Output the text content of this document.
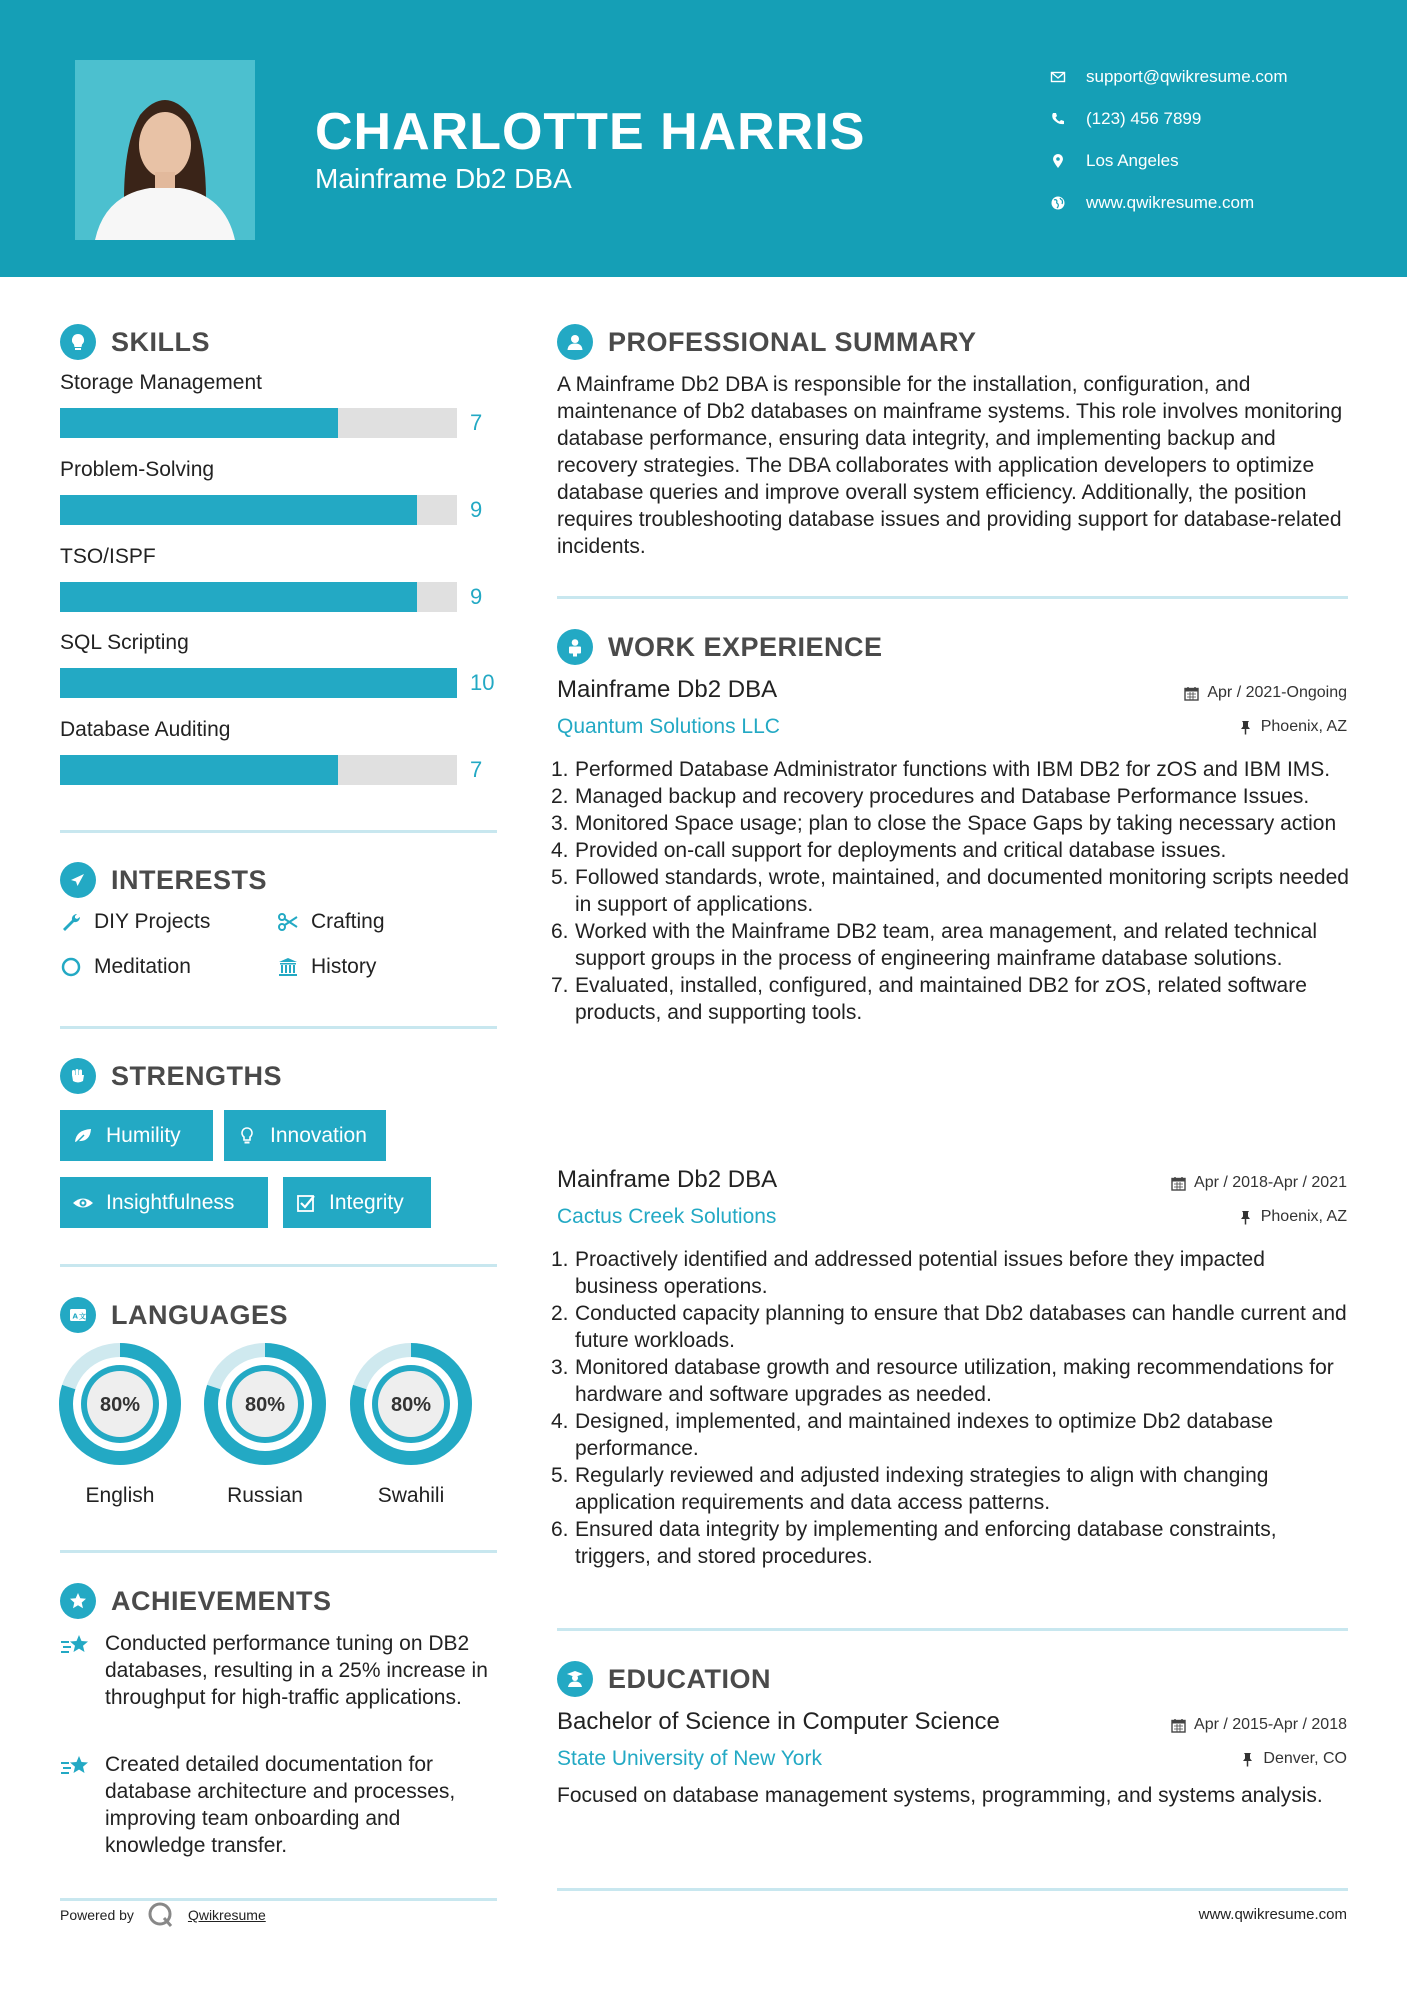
CHARLOTTE HARRIS
Mainframe Db2 DBA
support@qwikresume.com
(123) 456 7899
Los Angeles
www.qwikresume.com
SKILLS
Storage Management
7
Problem-Solving
9
TSO/ISPF
9
SQL Scripting
10
Database Auditing
7
INTERESTS
DIY Projects	Crafting
Meditation	History
STRENGTHS
Humility	Innovation
Insightfulness	Integrity
A 文 LANGUAGES
80%
English
80%
Russian
80%
Swahili
ACHIEVEMENTS
Conducted performance tuning on DB2 databases, resulting in a 25% increase in throughput for high-traffic applications.
Created detailed documentation for database architecture and processes, improving team onboarding and knowledge transfer.
PROFESSIONAL SUMMARY
A Mainframe Db2 DBA is responsible for the installation, configuration, and maintenance of Db2 databases on mainframe systems. This role involves monitoring database performance, ensuring data integrity, and implementing backup and recovery strategies. The DBA collaborates with application developers to optimize database queries and improve overall system efficiency. Additionally, the position requires troubleshooting database issues and providing support for database-related incidents.
WORK EXPERIENCE
Mainframe Db2 DBA	Apr / 2021-Ongoing
Quantum Solutions LLC	Phoenix, AZ
1. Performed Database Administrator functions with IBM DB2 for zOS and IBM IMS.
2. Managed backup and recovery procedures and Database Performance Issues.
3. Monitored Space usage; plan to close the Space Gaps by taking necessary action
4. Provided on-call support for deployments and critical database issues.
5. Followed standards, wrote, maintained, and documented monitoring scripts needed in support of applications.
6. Worked with the Mainframe DB2 team, area management, and related technical support groups in the process of engineering mainframe database solutions.
7. Evaluated, installed, configured, and maintained DB2 for zOS, related software products, and supporting tools.
Mainframe Db2 DBA	Apr / 2018-Apr / 2021
Cactus Creek Solutions	Phoenix, AZ
1. Proactively identified and addressed potential issues before they impacted business operations.
2. Conducted capacity planning to ensure that Db2 databases can handle current and future workloads.
3. Monitored database growth and resource utilization, making recommendations for hardware and software upgrades as needed.
4. Designed, implemented, and maintained indexes to optimize Db2 database performance.
5. Regularly reviewed and adjusted indexing strategies to align with changing application requirements and data access patterns.
6. Ensured data integrity by implementing and enforcing database constraints, triggers, and stored procedures.
EDUCATION
Bachelor of Science in Computer Science	Apr / 2015-Apr / 2018
State University of New York	Denver, CO
Focused on database management systems, programming, and systems analysis.
Powered by	Qwikresume	www.qwikresume.com
